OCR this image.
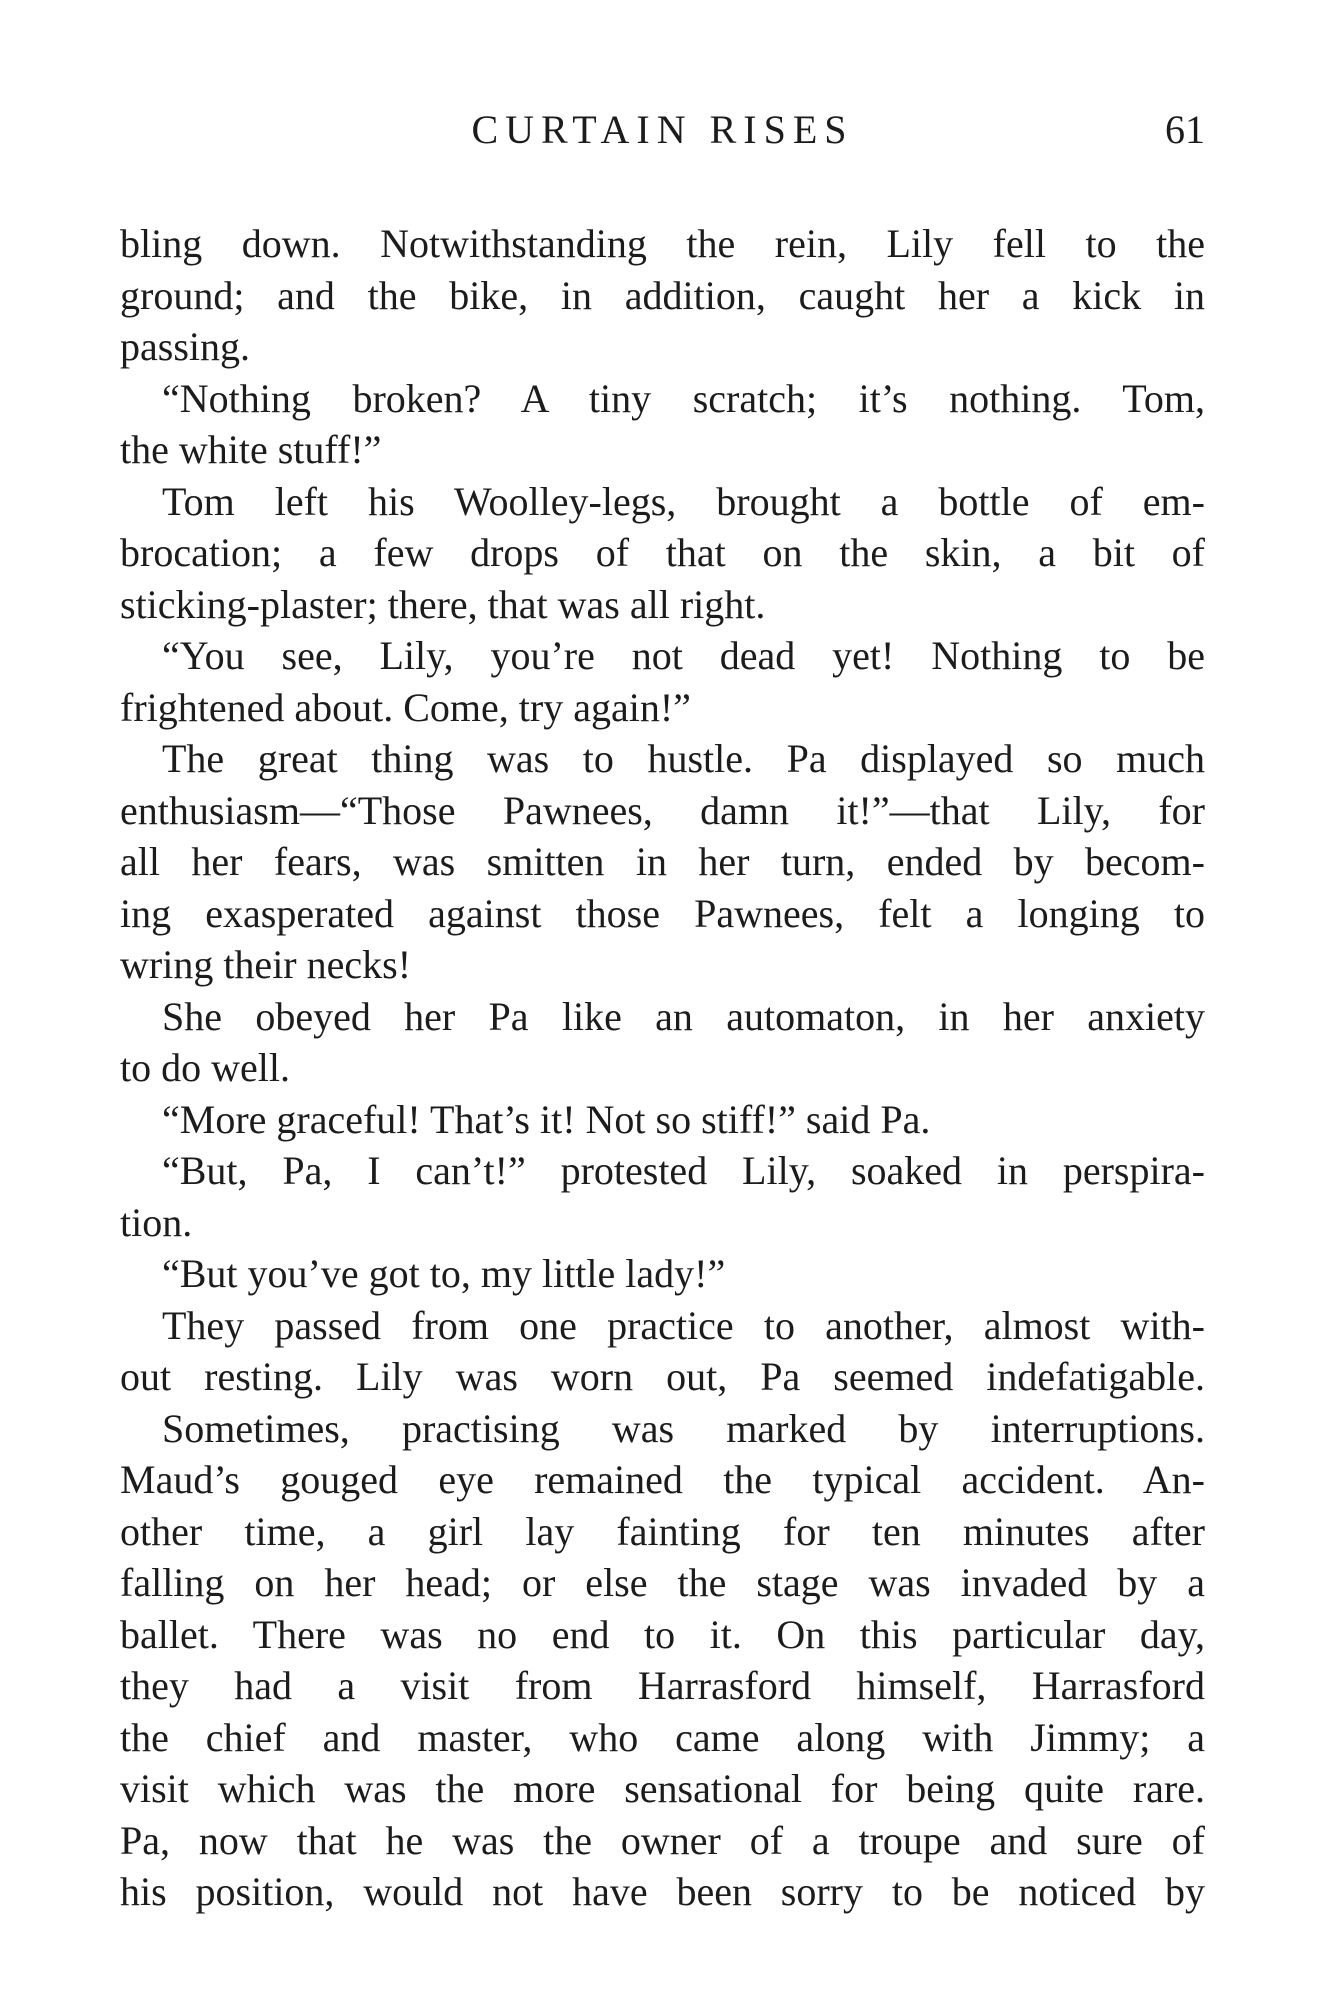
CURTAIN RISES	61
bling down. Notwithstanding the rein, Lily fell to the
ground; and the bike, in addition, caught her a kick in
passing.
“Nothing broken? A tiny scratch; it’s nothing. Tom,
the white stuff!”
Tom left his Woolley-legs, brought a bottle of em-
brocation; a few drops of that on the skin, a bit of
sticking-plaster; there, that was all right.
“You see, Lily, you’re not dead yet! Nothing to be
frightened about. Come, try again!”
The great thing was to hustle. Pa displayed so much
enthusiasm—“Those Pawnees, damn it!”—that Lily, for
all her fears, was smitten in her turn, ended by becom-
ing exasperated against those Pawnees, felt a longing to
wring their necks!
She obeyed her Pa like an automaton, in her anxiety
to do well.
“More graceful! That’s it! Not so stiff!” said Pa.
“But, Pa, I can’t!” protested Lily, soaked in perspira-
tion.
“But you’ve got to, my little lady!”
They passed from one practice to another, almost with-
out resting. Lily was worn out, Pa seemed indefatigable.
Sometimes, practising was marked by interruptions.
Maud’s gouged eye remained the typical accident. An-
other time, a girl lay fainting for ten minutes after
falling on her head; or else the stage was invaded by a
ballet. There was no end to it. On this particular day,
they had a visit from Harrasford himself, Harrasford
the chief and master, who came along with Jimmy; a
visit which was the more sensational for being quite rare.
Pa, now that he was the owner of a troupe and sure of
his position, would not have been sorry to be noticed by
